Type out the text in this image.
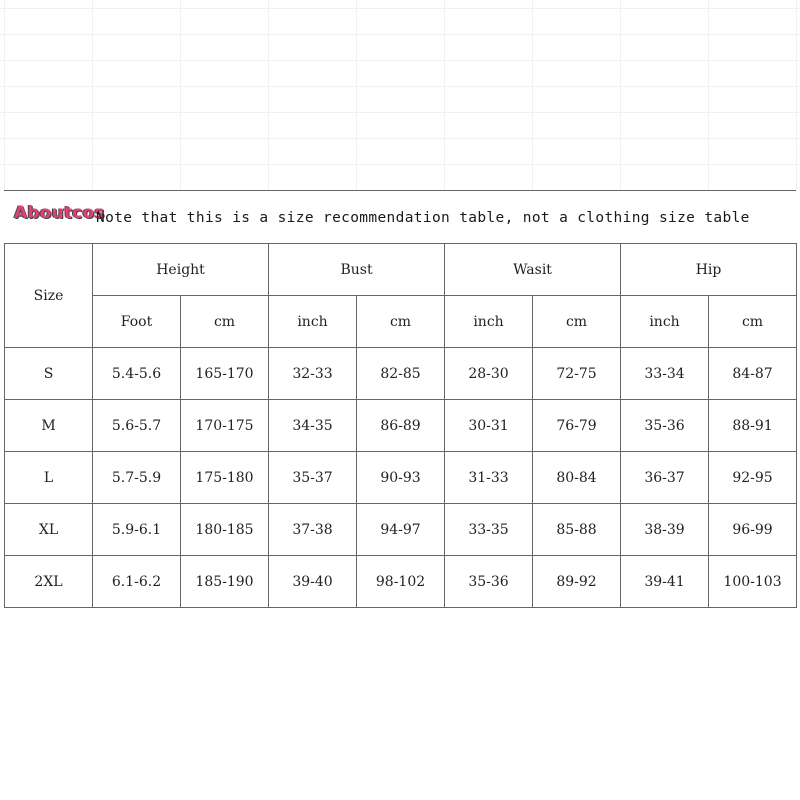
Aboutcos
Note that this is a size recommendation table, not a clothing size table
Size	Height		Bust		Wasit		Hip	
	Foot	cm	inch	cm	inch	cm	inch	cm
S	5.4-5.6	165-170	32-33	82-85	28-30	72-75	33-34	84-87
M	5.6-5.7	170-175	34-35	86-89	30-31	76-79	35-36	88-91
L	5.7-5.9	175-180	35-37	90-93	31-33	80-84	36-37	92-95
XL	5.9-6.1	180-185	37-38	94-97	33-35	85-88	38-39	96-99
2XL	6.1-6.2	185-190	39-40	98-102	35-36	89-92	39-41	100-103
